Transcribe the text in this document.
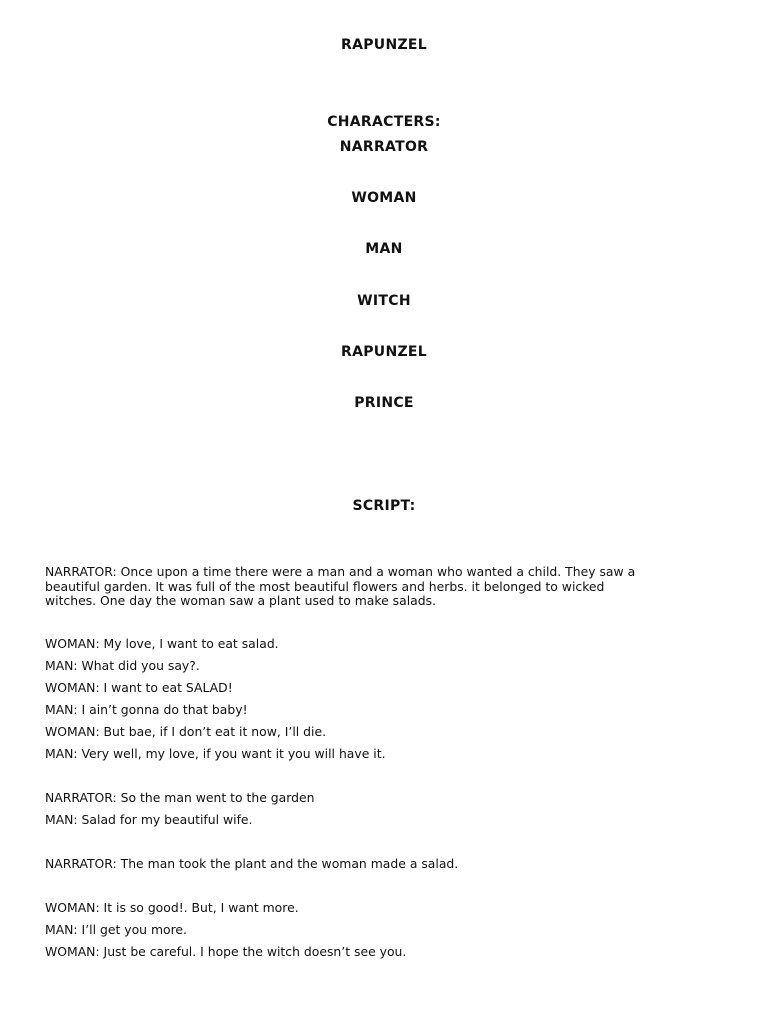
RAPUNZEL
CHARACTERS:
NARRATOR
WOMAN
MAN
WITCH
RAPUNZEL
PRINCE
SCRIPT:
NARRATOR: Once upon a time there were a man and a woman who wanted a child. They saw a
beautiful garden. It was full of the most beautiful flowers and herbs. it belonged to wicked
witches. One day the woman saw a plant used to make salads.
WOMAN: My love, I want to eat salad.
MAN: What did you say?.
WOMAN: I want to eat SALAD!
MAN: I ain’t gonna do that baby!
WOMAN: But bae, if I don’t eat it now, I’ll die.
MAN: Very well, my love, if you want it you will have it.
NARRATOR: So the man went to the garden
MAN: Salad for my beautiful wife.
NARRATOR: The man took the plant and the woman made a salad.
WOMAN: It is so good!. But, I want more.
MAN: I’ll get you more.
WOMAN: Just be careful. I hope the witch doesn’t see you.
